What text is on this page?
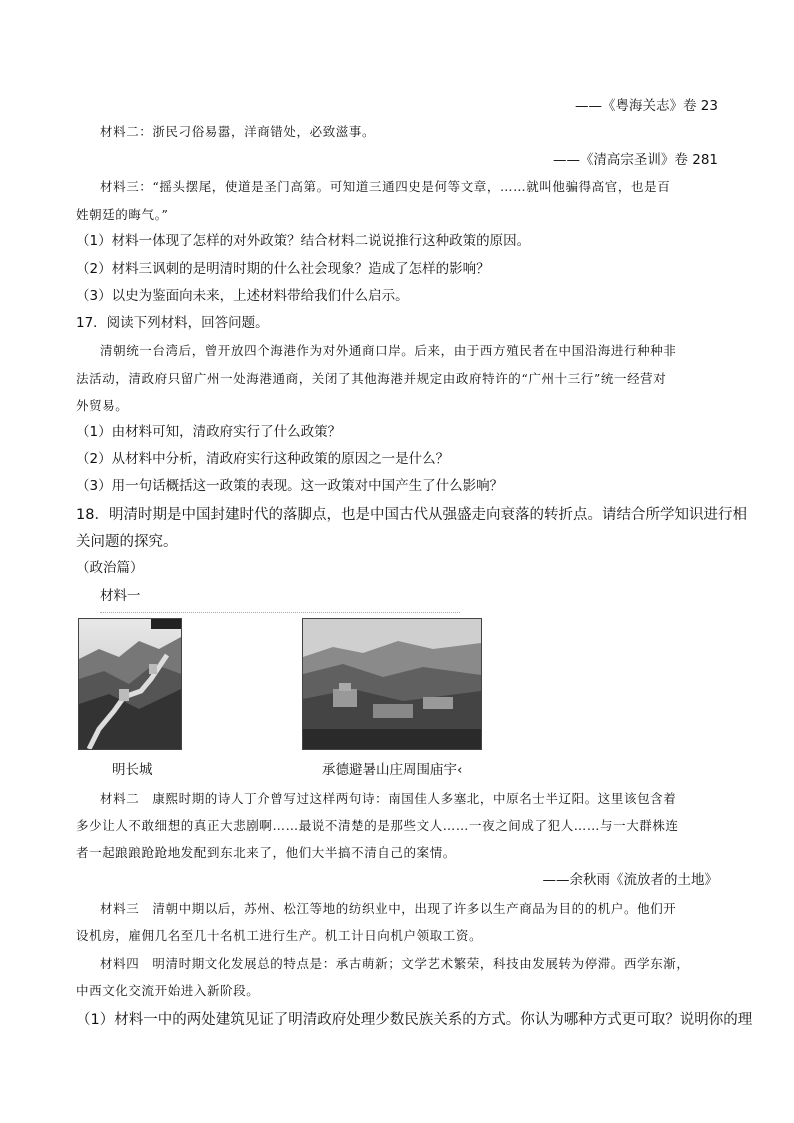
——《粤海关志》卷 23
材料二：浙民刁俗易嚣，洋商错处，必致滋事。
——《清高宗圣训》卷 281
材料三：“摇头摆尾，使道是圣门高第。可知道三通四史是何等文章，……就叫他骗得高官，也是百
姓朝廷的晦气。”
（1）材料一体现了怎样的对外政策？结合材料二说说推行这种政策的原因。
（2）材料三讽刺的是明清时期的什么社会现象？造成了怎样的影响？
（3）以史为鉴面向未来，上述材料带给我们什么启示。
17．阅读下列材料，回答问题。
清朝统一台湾后，曾开放四个海港作为对外通商口岸。后来，由于西方殖民者在中国沿海进行种种非
法活动，清政府只留广州一处海港通商，关闭了其他海港并规定由政府特许的“广州十三行”统一经营对
外贸易。
（1）由材料可知，清政府实行了什么政策？
（2）从材料中分析，清政府实行这种政策的原因之一是什么？
（3）用一句话概括这一政策的表现。这一政策对中国产生了什么影响？
18．明清时期是中国封建时代的落脚点，也是中国古代从强盛走向衰落的转折点。请结合所学知识进行相
关问题的探究。
（政治篇）
材料一
明长城	承德避暑山庄周围庙宇‹
材料二　康熙时期的诗人丁介曾写过这样两句诗：南国佳人多塞北，中原名士半辽阳。这里该包含着
多少让人不敢细想的真正大悲剧啊……最说不清楚的是那些文人……一夜之间成了犯人……与一大群株连
者一起踉踉跄跄地发配到东北来了，他们大半搞不清自己的案情。
——余秋雨《流放者的土地》
材料三　清朝中期以后，苏州、松江等地的纺织业中，出现了许多以生产商品为目的的机户。他们开
设机房，雇佣几名至几十名机工进行生产。机工计日向机户领取工资。
材料四　明清时期文化发展总的特点是：承古萌新；文学艺术繁荣，科技由发展转为停滞。西学东渐，
中西文化交流开始进入新阶段。
（1）材料一中的两处建筑见证了明清政府处理少数民族关系的方式。你认为哪种方式更可取？说明你的理
